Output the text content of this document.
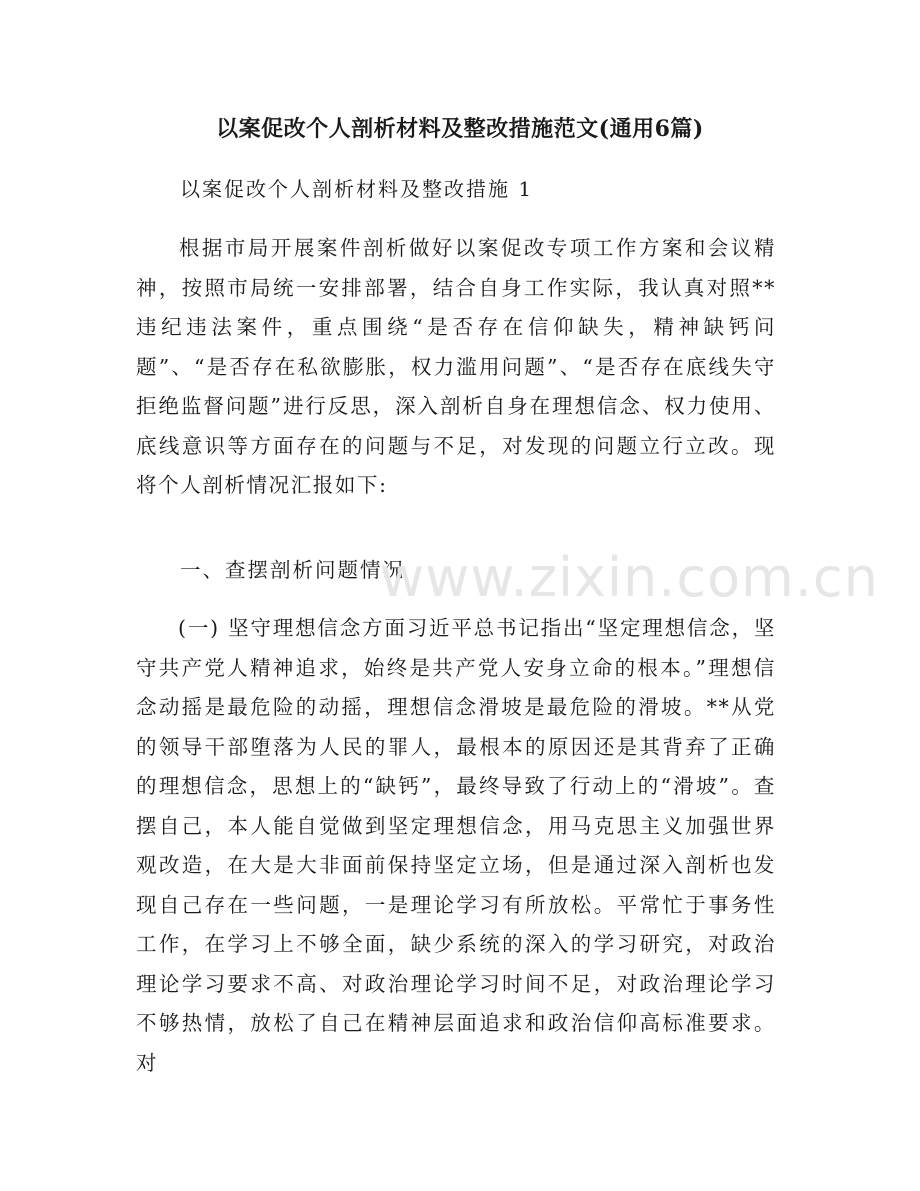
以案促改个人剖析材料及整改措施范文(通用6篇)
以案促改个人剖析材料及整改措施 1

根据市局开展案件剖析做好以案促改专项工作方案和会议精神，按照市局统一安排部署，结合自身工作实际，我认真对照**违纪违法案件，重点围绕“是否存在信仰缺失，精神缺钙问题”、“是否存在私欲膨胀，权力滥用问题”、“是否存在底线失守拒绝监督问题”进行反思，深入剖析自身在理想信念、权力使用、底线意识等方面存在的问题与不足，对发现的问题立行立改。现将个人剖析情况汇报如下:

一、查摆剖析问题情况

(一) 坚守理想信念方面习近平总书记指出“坚定理想信念，坚守共产党人精神追求，始终是共产党人安身立命的根本。”理想信念动摇是最危险的动摇，理想信念滑坡是最危险的滑坡。**从党的领导干部堕落为人民的罪人，最根本的原因还是其背弃了正确的理想信念，思想上的“缺钙”，最终导致了行动上的“滑坡”。查摆自己，本人能自觉做到坚定理想信念，用马克思主义加强世界观改造，在大是大非面前保持坚定立场，但是通过深入剖析也发现自己存在一些问题，一是理论学习有所放松。平常忙于事务性工作，在学习上不够全面，缺少系统的深入的学习研究，对政治理论学习要求不高、对政治理论学习时间不足，对政治理论学习不够热情，放松了自己在精神层面追求和政治信仰高标准要求。对

www.zixin.com.cn
